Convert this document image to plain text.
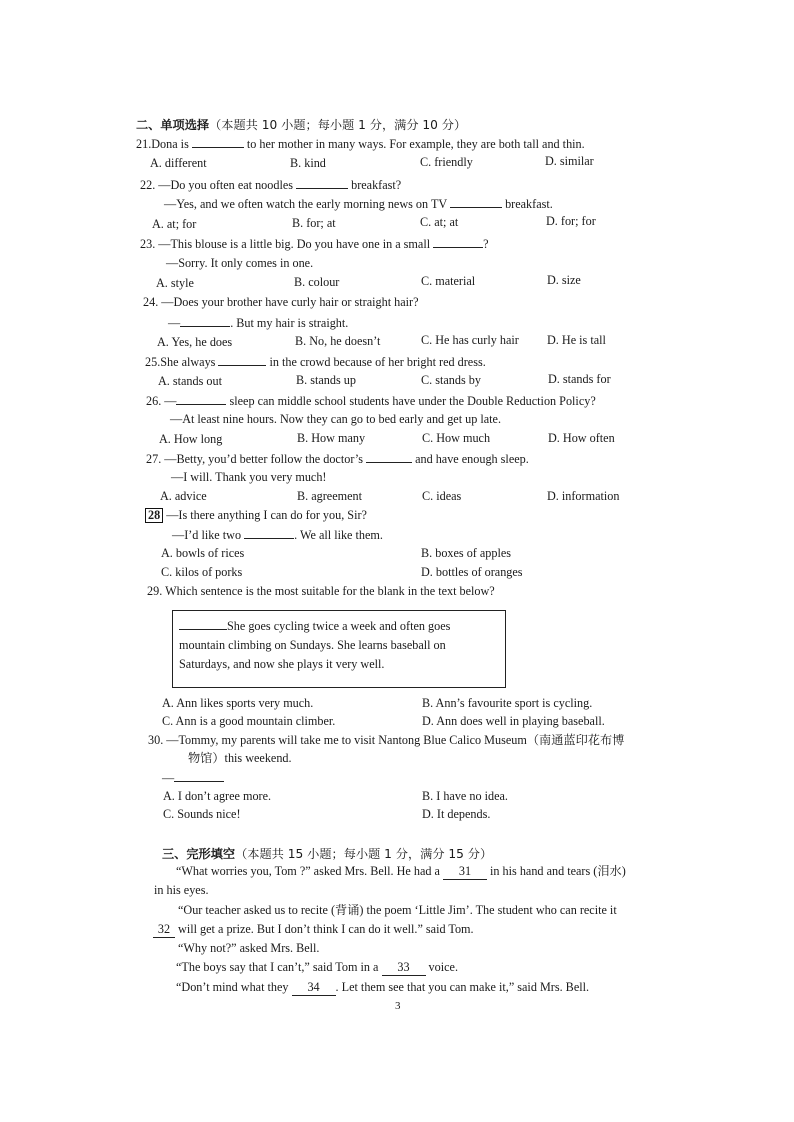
二、单项选择（本题共 10 小题；每小题 1 分，满分 10 分）
21.Dona is	to her mother in many ways. For example, they are both tall and thin.
A. different	B. kind	C. friendly	D. similar
22. —Do you often eat noodles	breakfast?
—Yes, and we often watch the early morning news on TV	breakfast.
A. at; for	B. for; at	C. at; at	D. for; for
23. —This blouse is a little big. Do you have one in a small	?
—Sorry. It only comes in one.
A. style	B. colour	C. material	D. size
24. —Does your brother have curly hair or straight hair?
—	. But my hair is straight.
A. Yes, he does	B. No, he doesn’t	C. He has curly hair D. He is tall
25.She always	in the crowd because of her bright red dress.
A. stands out	B. stands up	C. stands by	D. stands for
26. —	sleep can middle school students have under the Double Reduction Policy?
—At least nine hours. Now they can go to bed early and get up late.
A. How long	B. How many	C. How much	D. How often
27. —Betty, you’d better follow the doctor’s	and have enough sleep.
—I will. Thank you very much!
A. advice	B. agreement	C. ideas	D. information
28 —Is there anything I can do for you, Sir?
—I’d like two	. We all like them.
A. bowls of rices	B. boxes of apples
C. kilos of porks	D. bottles of oranges
29. Which sentence is the most suitable for the blank in the text below?
She goes cycling twice a week and often goes
mountain climbing on Sundays. She learns baseball on
Saturdays, and now she plays it very well.
A. Ann likes sports very much.	B. Ann’s favourite sport is cycling.
C. Ann is a good mountain climber.	D. Ann does well in playing baseball.
30. —Tommy, my parents will take me to visit Nantong Blue Calico Museum（南通蓝印花布博
物馆）this weekend.
—
A. I don’t agree more.	B. I have no idea.
C. Sounds nice!	D. It depends.
三、完形填空（本题共 15 小题；每小题 1 分，满分 15 分）
“What worries you, Tom ?” asked Mrs. Bell. He had a 31 in his hand and tears (泪水)
in his eyes.
“Our teacher asked us to recite (背诵) the poem ‘Little Jim’. The student who can recite it
32 will get a prize. But I don’t think I can do it well.” said Tom.
“Why not?” asked Mrs. Bell.
“The boys say that I can’t,” said Tom in a 33 voice.
“Don’t mind what they 34 . Let them see that you can make it,” said Mrs. Bell.
3
